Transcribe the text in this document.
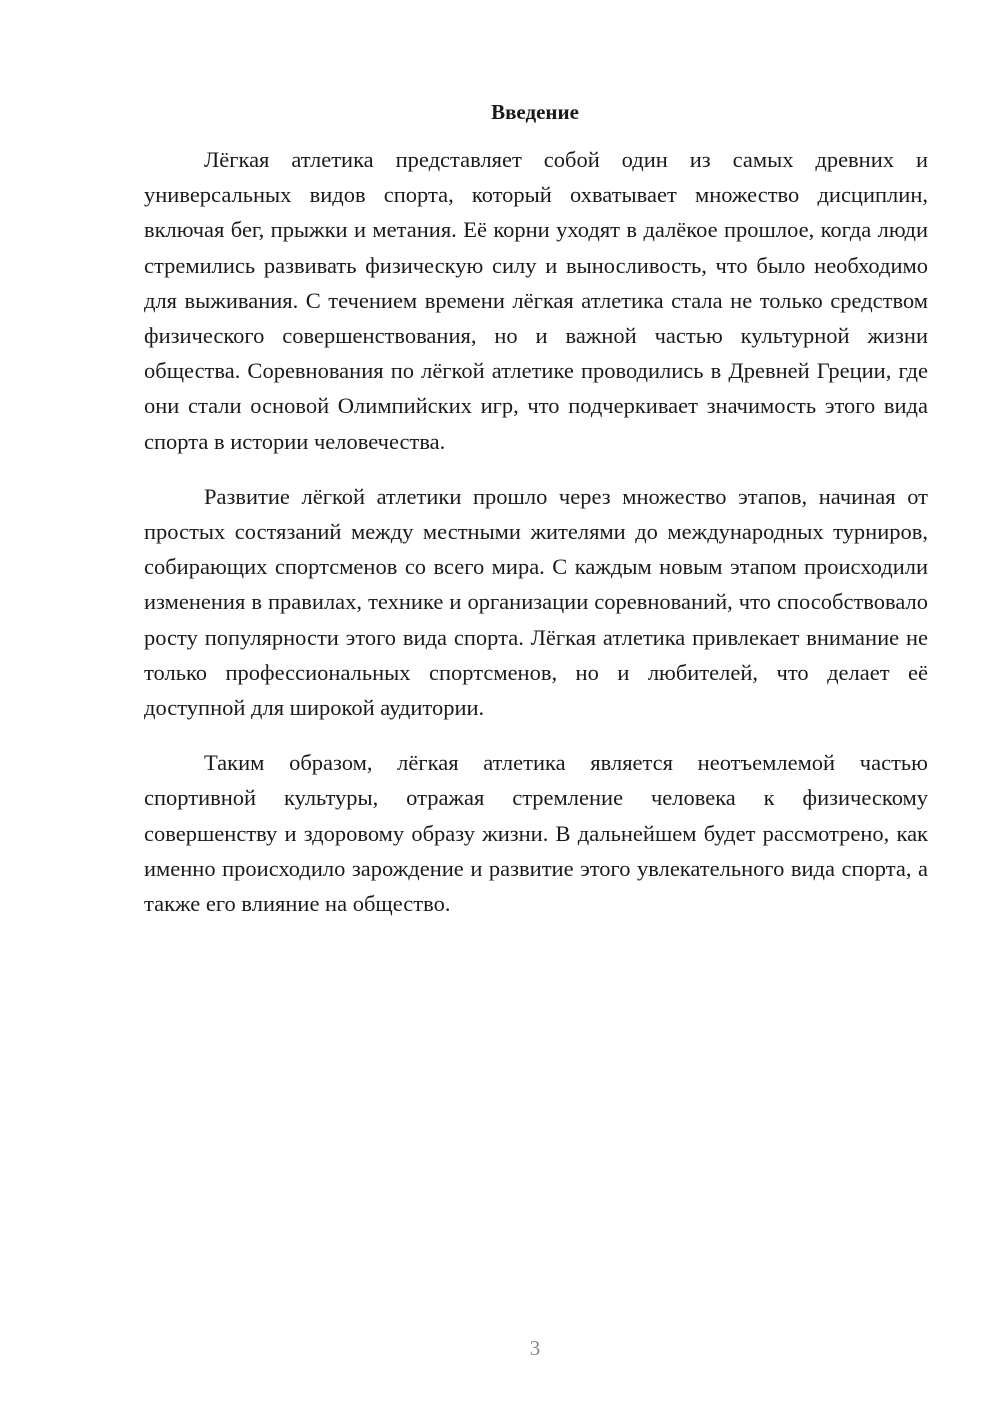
Введение

Лёгкая атлетика представляет собой один из самых древних и универсальных видов спорта, который охватывает множество дисциплин, включая бег, прыжки и метания. Её корни уходят в далёкое прошлое, когда люди стремились развивать физическую силу и выносливость, что было необходимо для выживания. С течением времени лёгкая атлетика стала не только средством физического совершенствования, но и важной частью культурной жизни общества. Соревнования по лёгкой атлетике проводились в Древней Греции, где они стали основой Олимпийских игр, что подчеркивает значимость этого вида спорта в истории человечества.

Развитие лёгкой атлетики прошло через множество этапов, начиная от простых состязаний между местными жителями до международных турниров, собирающих спортсменов со всего мира. С каждым новым этапом происходили изменения в правилах, технике и организации соревнований, что способствовало росту популярности этого вида спорта. Лёгкая атлетика привлекает внимание не только профессиональных спортсменов, но и любителей, что делает её доступной для широкой аудитории.

Таким образом, лёгкая атлетика является неотъемлемой частью спортивной культуры, отражая стремление человека к физическому совершенству и здоровому образу жизни. В дальнейшем будет рассмотрено, как именно происходило зарождение и развитие этого увлекательного вида спорта, а также его влияние на общество.

3
